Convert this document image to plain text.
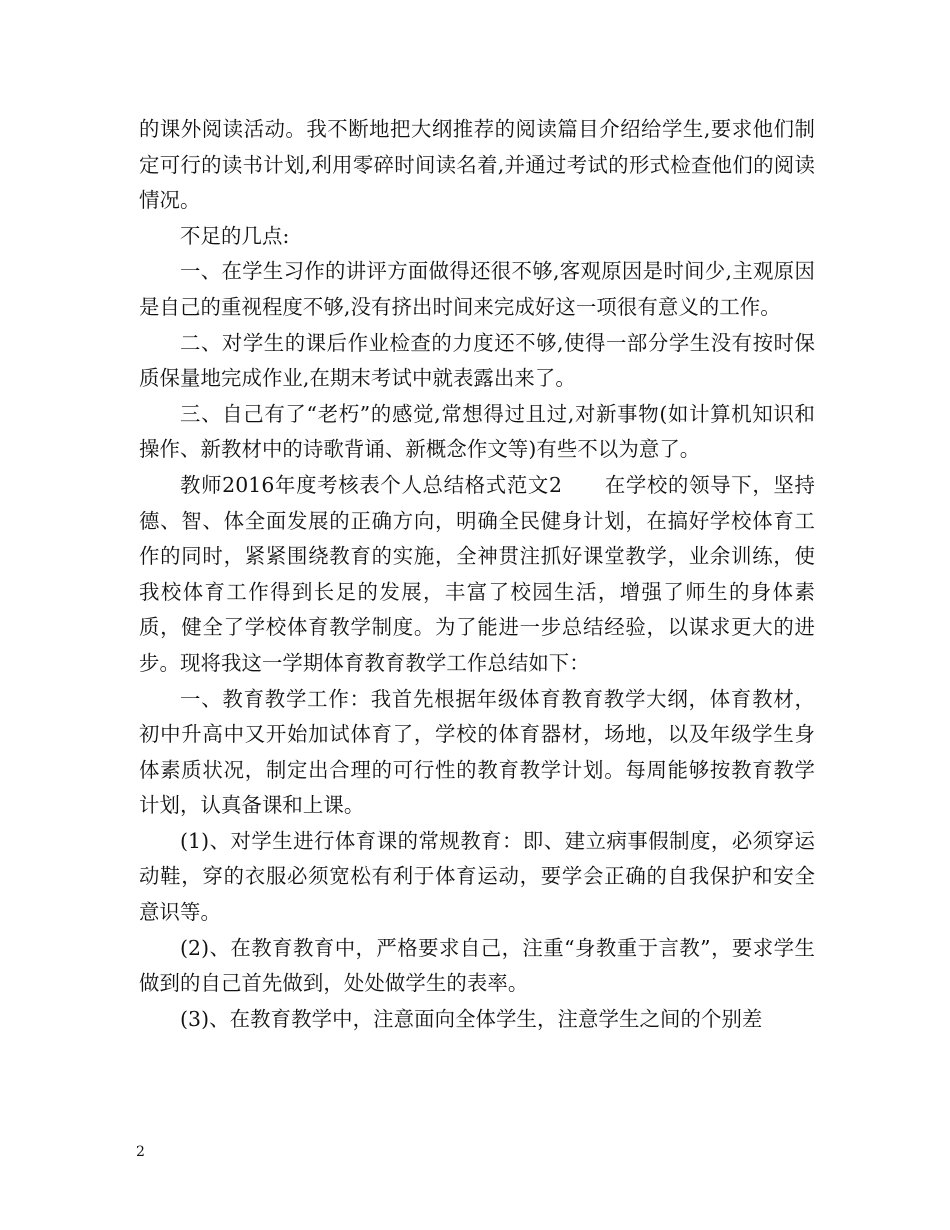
的课外阅读活动。我不断地把大纲推荐的阅读篇目介绍给学生,要求他们制定可行的读书计划,利用零碎时间读名着,并通过考试的形式检查他们的阅读情况。

不足的几点:

一、在学生习作的讲评方面做得还很不够,客观原因是时间少,主观原因是自己的重视程度不够,没有挤出时间来完成好这一项很有意义的工作。

二、对学生的课后作业检查的力度还不够,使得一部分学生没有按时保质保量地完成作业,在期末考试中就表露出来了。

三、自己有了“老朽”的感觉,常想得过且过,对新事物(如计算机知识和操作、新教材中的诗歌背诵、新概念作文等)有些不以为意了。

教师2016年度考核表个人总结格式范文2　　在学校的领导下，坚持德、智、体全面发展的正确方向，明确全民健身计划，在搞好学校体育工作的同时，紧紧围绕教育的实施，全神贯注抓好课堂教学，业余训练，使我校体育工作得到长足的发展，丰富了校园生活，增强了师生的身体素质，健全了学校体育教学制度。为了能进一步总结经验，以谋求更大的进步。现将我这一学期体育教育教学工作总结如下：

一、教育教学工作：我首先根据年级体育教育教学大纲，体育教材，初中升高中又开始加试体育了，学校的体育器材，场地，以及年级学生身体素质状况，制定出合理的可行性的教育教学计划。每周能够按教育教学计划，认真备课和上课。

(1)、对学生进行体育课的常规教育：即、建立病事假制度，必须穿运动鞋，穿的衣服必须宽松有利于体育运动，要学会正确的自我保护和安全意识等。

(2)、在教育教育中，严格要求自己，注重“身教重于言教”，要求学生做到的自己首先做到，处处做学生的表率。

(3)、在教育教学中，注意面向全体学生，注意学生之间的个别差

2
